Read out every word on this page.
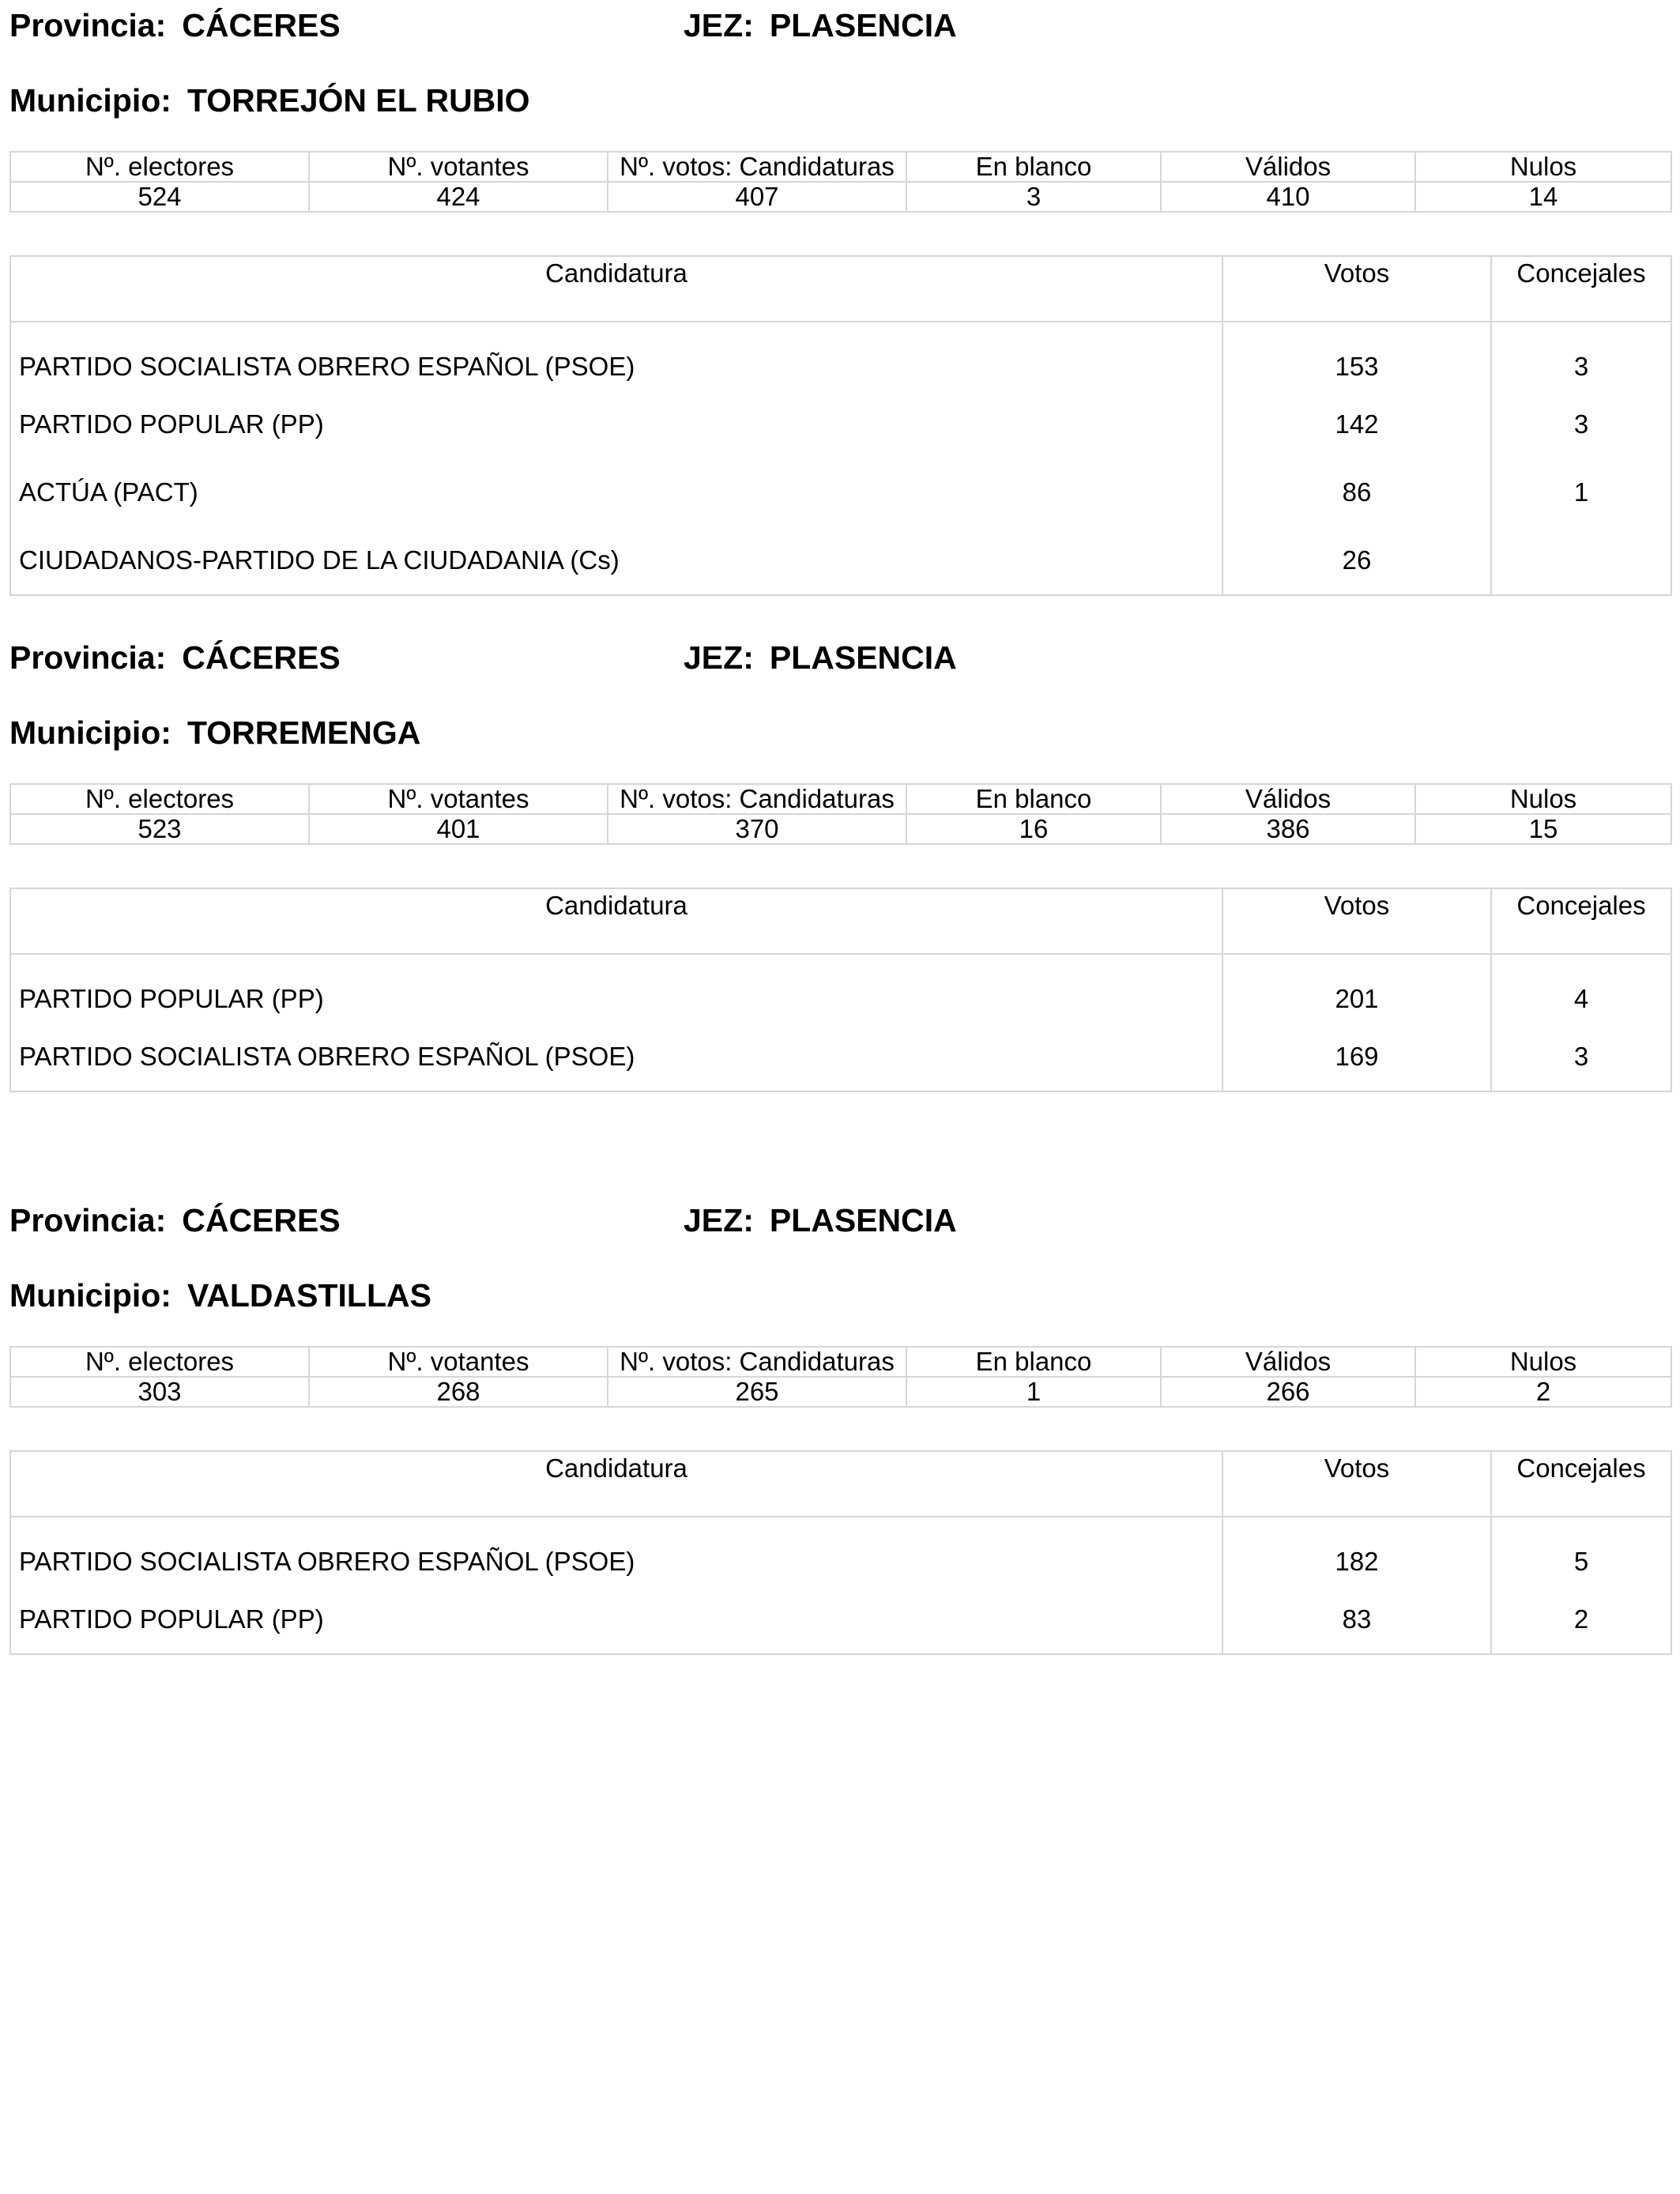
Provincia: CÁCERES	JEZ: PLASENCIA
Municipio: TORREJÓN EL RUBIO
Nº. electores	Nº. votantes	Nº. votos: Candidaturas	En blanco	Válidos	Nulos
524	424	407	3	410	14
Candidatura	Votos	Concejales
PARTIDO SOCIALISTA OBRERO ESPAÑOL (PSOE)	153	3
PARTIDO POPULAR (PP)	142	3
ACTÚA (PACT)	86	1
CIUDADANOS-PARTIDO DE LA CIUDADANIA (Cs)	26	
Provincia: CÁCERES	JEZ: PLASENCIA
Municipio: TORREMENGA
Nº. electores	Nº. votantes	Nº. votos: Candidaturas	En blanco	Válidos	Nulos
523	401	370	16	386	15
Candidatura	Votos	Concejales
PARTIDO POPULAR (PP)	201	4
PARTIDO SOCIALISTA OBRERO ESPAÑOL (PSOE)	169	3
Provincia: CÁCERES	JEZ: PLASENCIA
Municipio: VALDASTILLAS
Nº. electores	Nº. votantes	Nº. votos: Candidaturas	En blanco	Válidos	Nulos
303	268	265	1	266	2
Candidatura	Votos	Concejales
PARTIDO SOCIALISTA OBRERO ESPAÑOL (PSOE)	182	5
PARTIDO POPULAR (PP)	83	2
